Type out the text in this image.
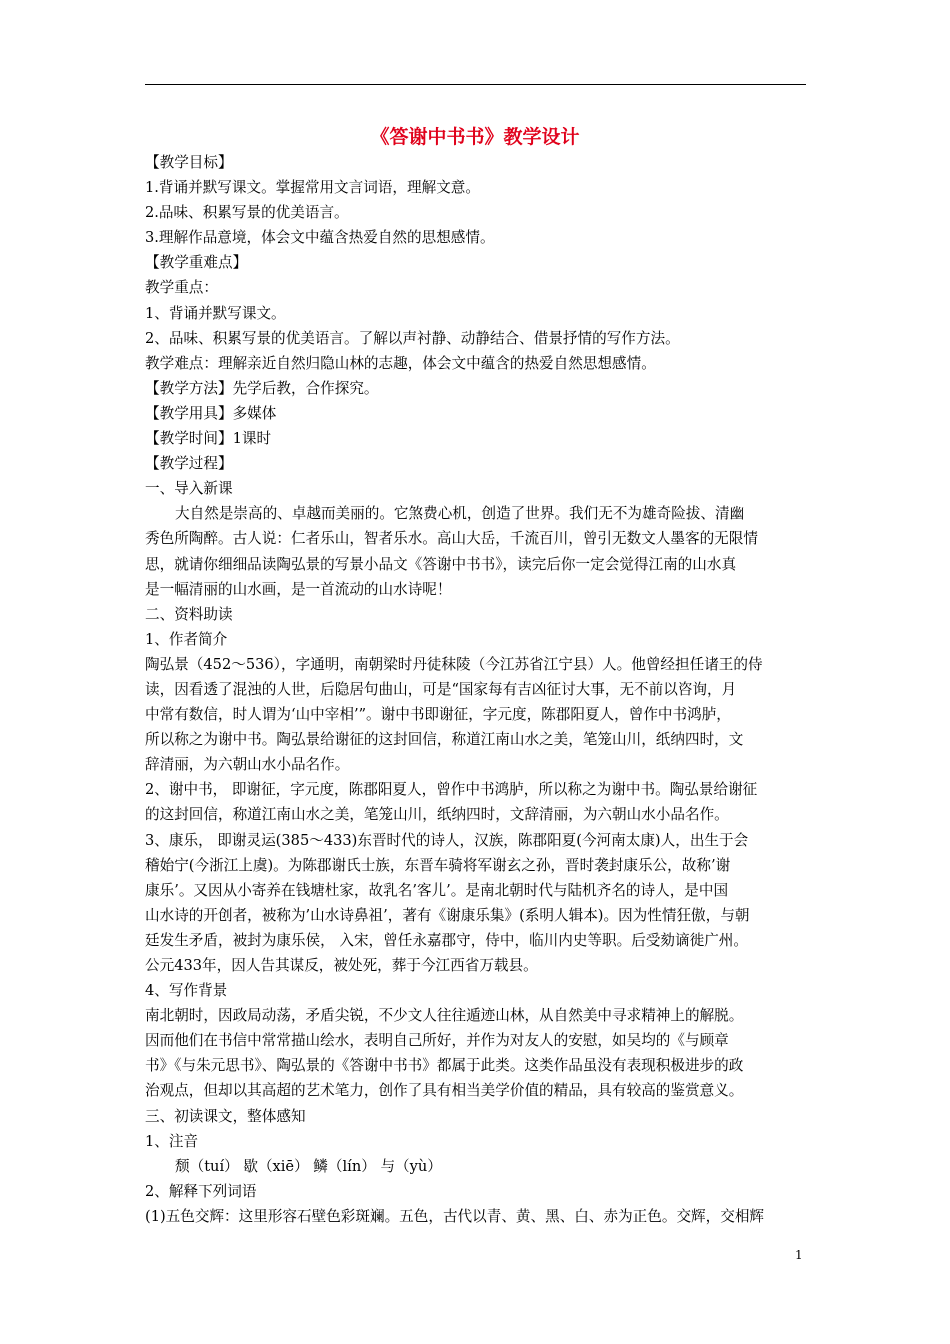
《答谢中书书》教学设计
【教学目标】
1.背诵并默写课文。掌握常用文言词语，理解文意。
2.品味、积累写景的优美语言。
3.理解作品意境，体会文中蕴含热爱自然的思想感情。
【教学重难点】
教学重点：
1、背诵并默写课文。
2、品味、积累写景的优美语言。了解以声衬静、动静结合、借景抒情的写作方法。
教学难点：理解亲近自然归隐山林的志趣，体会文中蕴含的热爱自然思想感情。
【教学方法】先学后教，合作探究。
【教学用具】多媒体
【教学时间】1课时
【教学过程】
一、导入新课
大自然是崇高的、卓越而美丽的。它煞费心机，创造了世界。我们无不为雄奇险拔、清幽
秀色所陶醉。古人说：仁者乐山，智者乐水。高山大岳，千流百川，曾引无数文人墨客的无限情
思，就请你细细品读陶弘景的写景小品文《答谢中书书》，读完后你一定会觉得江南的山水真
是一幅清丽的山水画，是一首流动的山水诗呢！
二、资料助读
1、作者简介
陶弘景（452～536），字通明，南朝梁时丹徒秣陵（今江苏省江宁县）人。他曾经担任诸王的侍
读，因看透了混浊的人世，后隐居句曲山，可是“国家每有吉凶征讨大事，无不前以咨询，月
中常有数信，时人谓为‘山中宰相’”。谢中书即谢征，字元度，陈郡阳夏人，曾作中书鸿胪，
所以称之为谢中书。陶弘景给谢征的这封回信，称道江南山水之美，笔笼山川，纸纳四时，文
辞清丽，为六朝山水小品名作。
2、谢中书， 即谢征，字元度，陈郡阳夏人，曾作中书鸿胪，所以称之为谢中书。陶弘景给谢征
的这封回信，称道江南山水之美，笔笼山川，纸纳四时，文辞清丽，为六朝山水小品名作。
3、康乐， 即谢灵运(385～433)东晋时代的诗人，汉族，陈郡阳夏(今河南太康)人，出生于会
稽始宁(今浙江上虞)。为陈郡谢氏士族，东晋车骑将军谢玄之孙，晋时袭封康乐公，故称’谢
康乐’。又因从小寄养在钱塘杜家，故乳名’客儿’。是南北朝时代与陆机齐名的诗人，是中国
山水诗的开创者，被称为’山水诗鼻祖’，著有《谢康乐集》(系明人辑本)。因为性情狂傲，与朝
廷发生矛盾，被封为康乐侯， 入宋，曾任永嘉郡守，侍中，临川内史等职。后受劾谪徙广州。
公元433年，因人告其谋反，被处死，葬于今江西省万载县。
4、写作背景
南北朝时，因政局动荡，矛盾尖锐，不少文人往往遁迹山林，从自然美中寻求精神上的解脱。
因而他们在书信中常常描山绘水，表明自己所好，并作为对友人的安慰，如吴均的《与顾章
书》《与朱元思书》、陶弘景的《答谢中书书》都属于此类。这类作品虽没有表现积极进步的政
治观点，但却以其高超的艺术笔力，创作了具有相当美学价值的精品，具有较高的鉴赏意义。
三、初读课文，整体感知
1、注音
颓（tuí） 歇（xiē） 鳞（lín） 与（yù）
2、解释下列词语
(1)五色交辉：这里形容石壁色彩斑斓。五色，古代以青、黄、黑、白、赤为正色。交辉，交相辉
1
